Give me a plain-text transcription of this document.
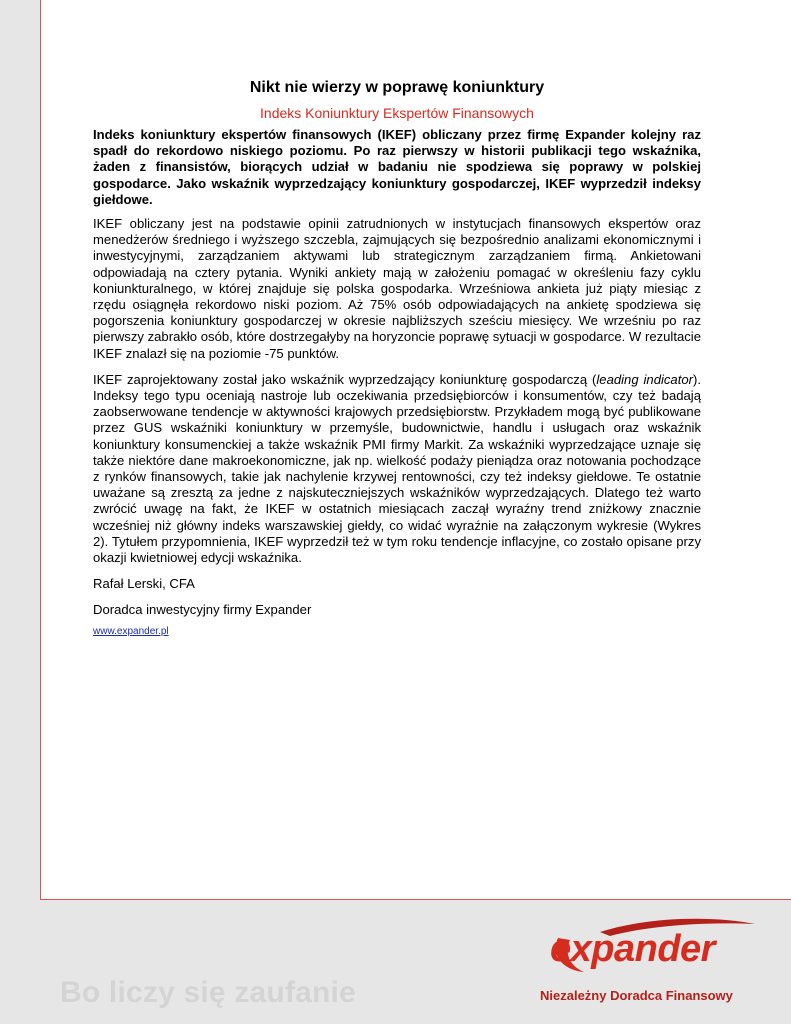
Nikt nie wierzy w poprawę koniunktury
Indeks Koniunktury Ekspertów Finansowych

Indeks koniunktury ekspertów finansowych (IKEF) obliczany przez firmę Expander kolejny raz spadł do rekordowo niskiego poziomu. Po raz pierwszy w historii publikacji tego wskaźnika, żaden z finansistów, biorących udział w badaniu nie spodziewa się poprawy w polskiej gospodarce. Jako wskaźnik wyprzedzający koniunktury gospodarczej, IKEF wyprzedził indeksy giełdowe.

IKEF obliczany jest na podstawie opinii zatrudnionych w instytucjach finansowych ekspertów oraz menedżerów średniego i wyższego szczebla, zajmujących się bezpośrednio analizami ekonomicznymi i inwestycyjnymi, zarządzaniem aktywami lub strategicznym zarządzaniem firmą. Ankietowani odpowiadają na cztery pytania. Wyniki ankiety mają w założeniu pomagać w określeniu fazy cyklu koniunkturalnego, w której znajduje się polska gospodarka. Wrześniowa ankieta już piąty miesiąc z rzędu osiągnęła rekordowo niski poziom. Aż 75% osób odpowiadających na ankietę spodziewa się pogorszenia koniunktury gospodarczej w okresie najbliższych sześciu miesięcy. We wrześniu po raz pierwszy zabrakło osób, które dostrzegałyby na horyzoncie poprawę sytuacji w gospodarce. W rezultacie IKEF znalazł się na poziomie -75 punktów.

IKEF zaprojektowany został jako wskaźnik wyprzedzający koniunkturę gospodarczą (leading indicator). Indeksy tego typu oceniają nastroje lub oczekiwania przedsiębiorców i konsumentów, czy też badają zaobserwowane tendencje w aktywności krajowych przedsiębiorstw. Przykładem mogą być publikowane przez GUS wskaźniki koniunktury w przemyśle, budownictwie, handlu i usługach oraz wskaźnik koniunktury konsumenckiej a także wskaźnik PMI firmy Markit. Za wskaźniki wyprzedzające uznaje się także niektóre dane makroekonomiczne, jak np. wielkość podaży pieniądza oraz notowania pochodzące z rynków finansowych, takie jak nachylenie krzywej rentowności, czy też indeksy giełdowe. Te ostatnie uważane są zresztą za jedne z najskuteczniejszych wskaźników wyprzedzających. Dlatego też warto zwrócić uwagę na fakt, że IKEF w ostatnich miesiącach zaczął wyraźny trend zniżkowy znacznie wcześniej niż główny indeks warszawskiej giełdy, co widać wyraźnie na załączonym wykresie (Wykres 2). Tytułem przypomnienia, IKEF wyprzedził też w tym roku tendencje inflacyjne, co zostało opisane przy okazji kwietniowej edycji wskaźnika.

Rafał Lerski, CFA

Doradca inwestycyjny firmy Expander

www.expander.pl
Bo liczy się zaufanie
expander
Niezależny Doradca Finansowy
